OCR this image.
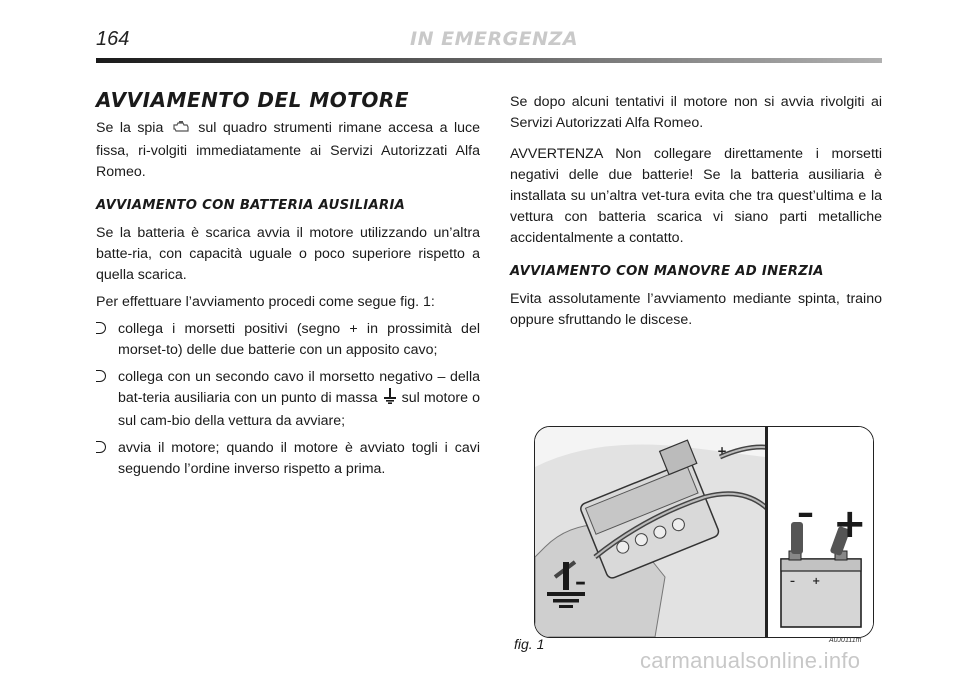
164	IN EMERGENZA
AVVIAMENTO DEL MOTORE

Se la spia sul quadro strumenti rimane accesa a luce fissa, ri-volgiti immediatamente ai Servizi Autorizzati Alfa Romeo.

AVVIAMENTO CON BATTERIA AUSILIARIA

Se la batteria è scarica avvia il motore utilizzando un’altra batte-ria, con capacità uguale o poco superiore rispetto a quella scarica.

Per effettuare l’avviamento procedi come segue fig. 1:

collega i morsetti positivi (segno + in prossimità del morset-to) delle due batterie con un apposito cavo;
collega con un secondo cavo il morsetto negativo – della bat-teria ausiliaria con un punto di massa sul motore o sul cam-bio della vettura da avviare;
avvia il motore; quando il motore è avviato togli i cavi seguendo l’ordine inverso rispetto a prima.

Se dopo alcuni tentativi il motore non si avvia rivolgiti ai Servizi Autorizzati Alfa Romeo.

AVVERTENZA Non collegare direttamente i morsetti negativi delle due batterie! Se la batteria ausiliaria è installata su un’altra vet-tura evita che tra quest’ultima e la vettura con batteria scarica vi siano parti metalliche accidentalmente a contatto.

AVVIAMENTO CON MANOVRE AD INERZIA

Evita assolutamente l’avviamento mediante spinta, traino oppure sfruttando le discese.

+
–	– +
– +
fig. 1	A0J0111m
carmanualsonline.info
